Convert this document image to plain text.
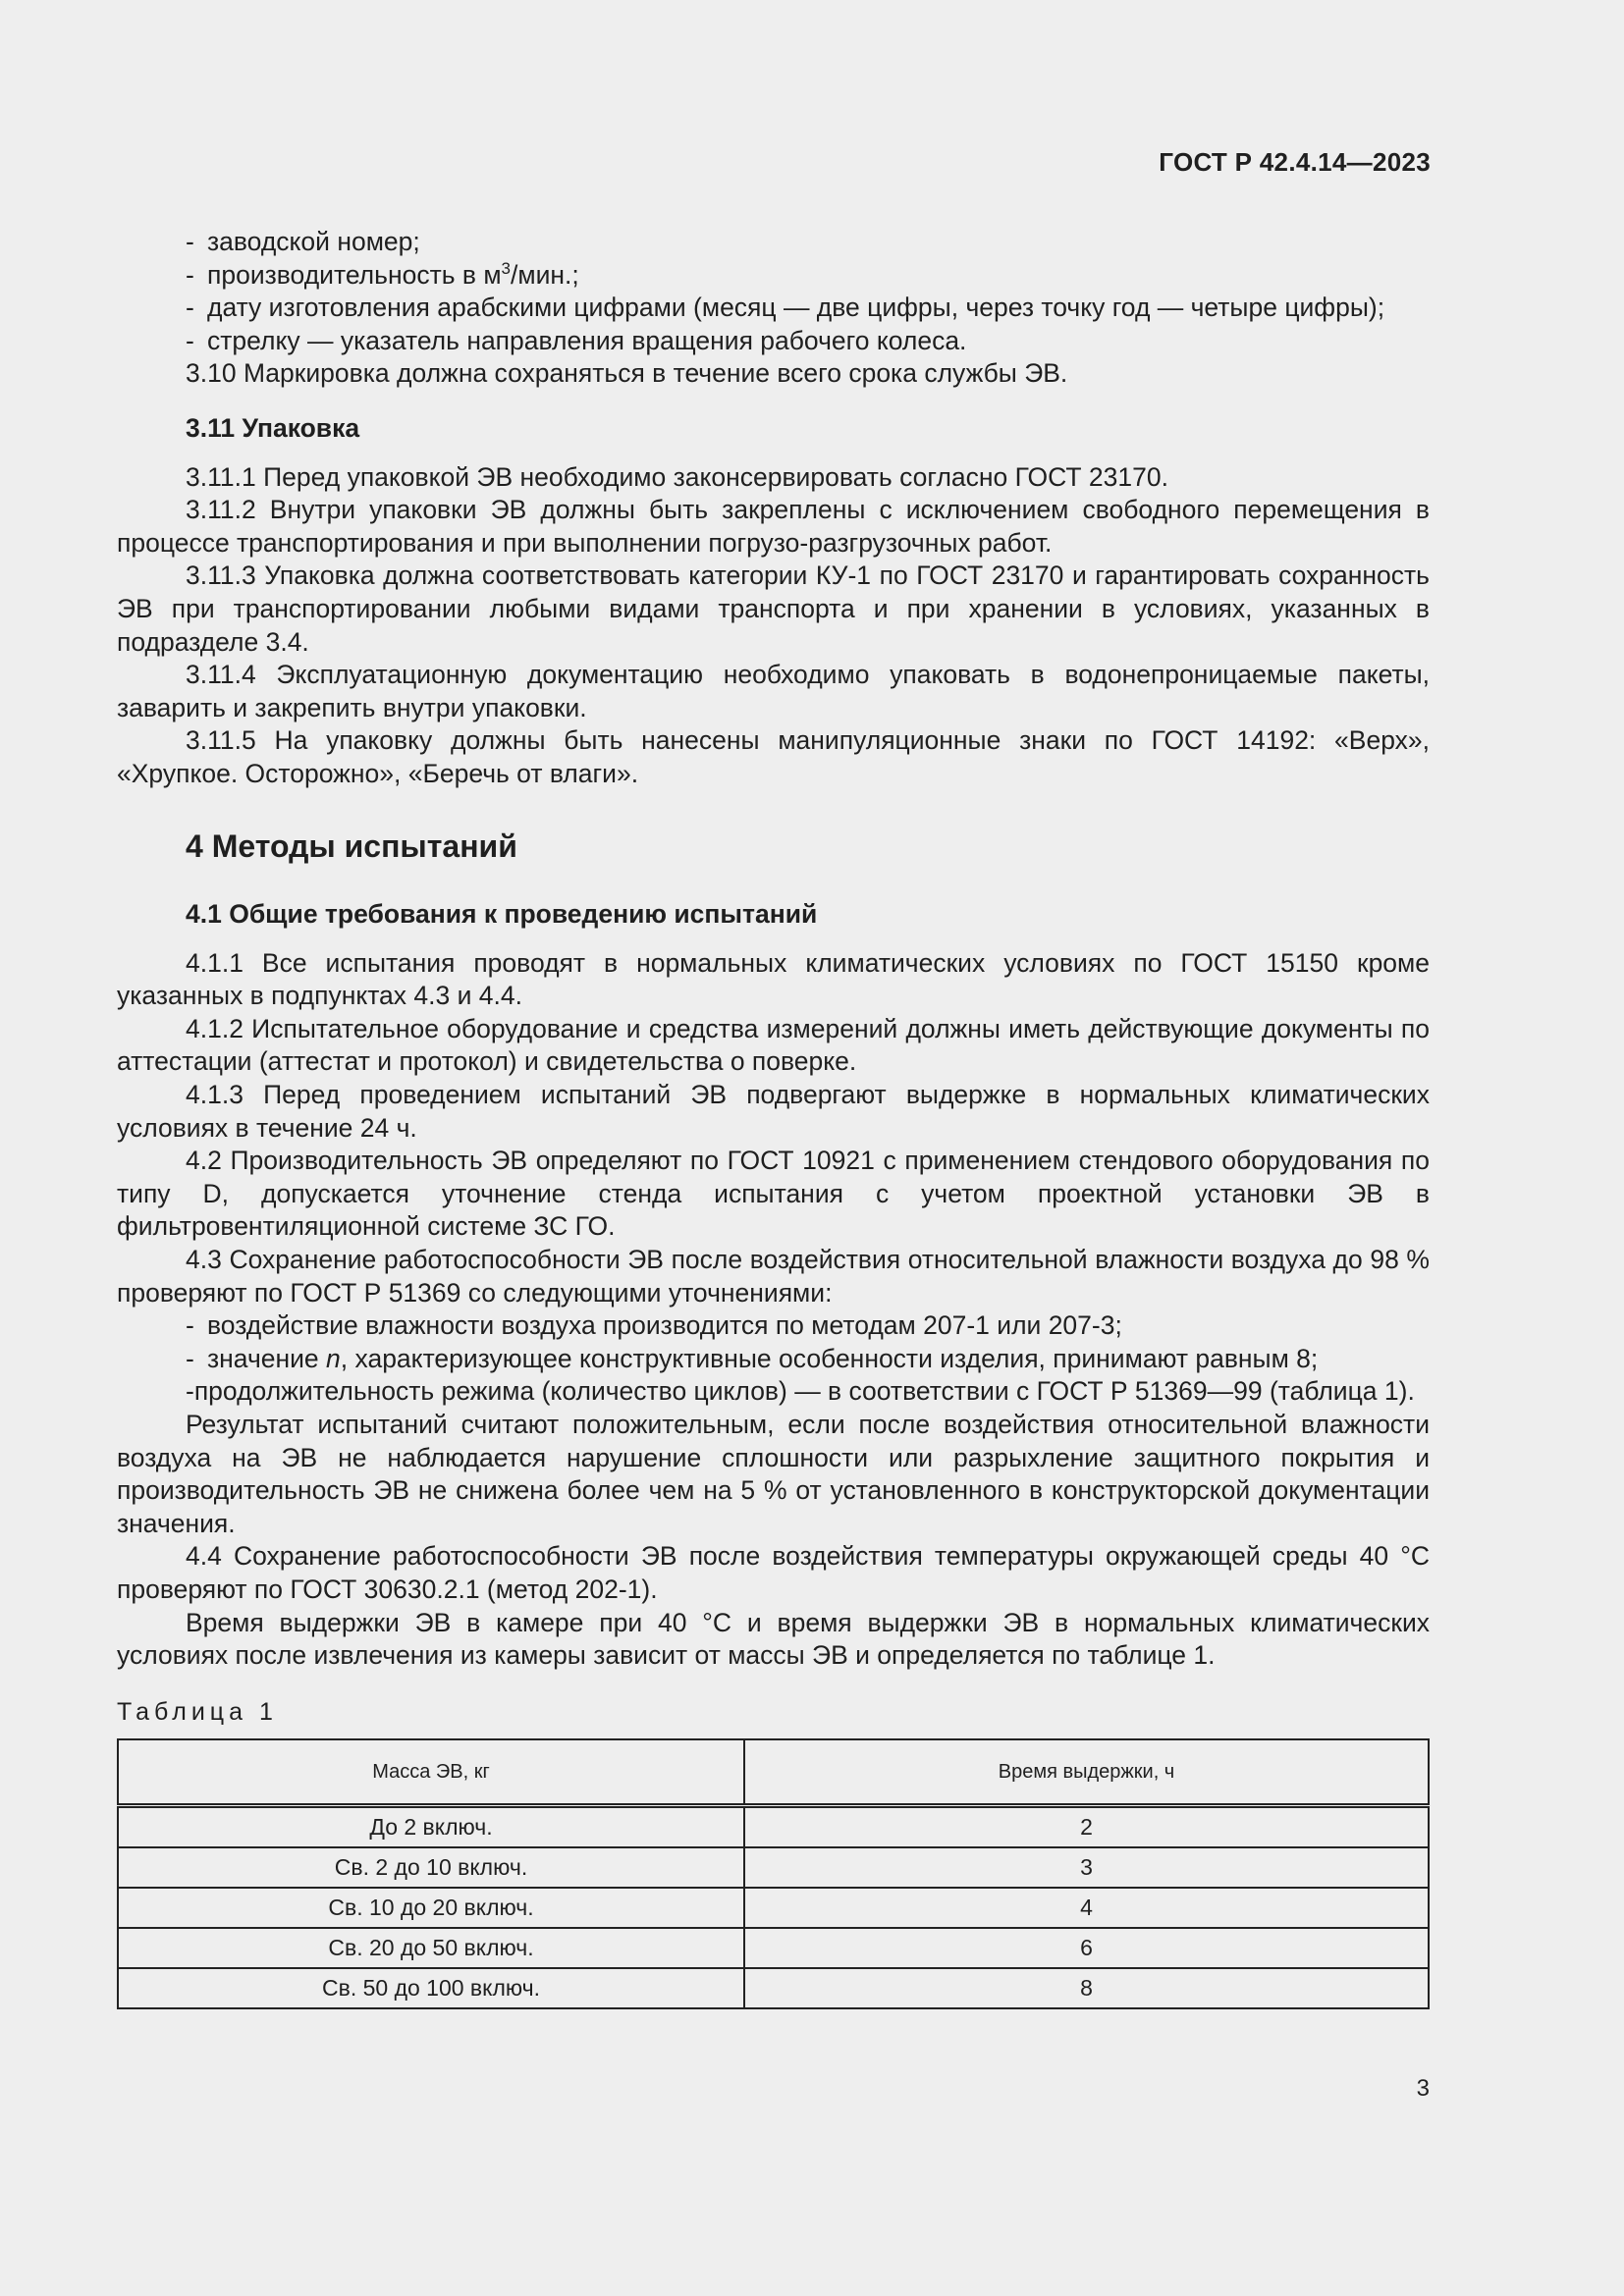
ГОСТ Р 42.4.14—2023

- заводской номер;

- производительность в $м^3$/мин.;

- дату изготовления арабскими цифрами (месяц — две цифры, через точку год — четыре цифры);

- стрелку — указатель направления вращения рабочего колеса.

3.10 Маркировка должна сохраняться в течение всего срока службы ЭВ.

3.11 Упаковка

3.11.1 Перед упаковкой ЭВ необходимо законсервировать согласно ГОСТ 23170.

3.11.2 Внутри упаковки ЭВ должны быть закреплены с исключением свободного перемещения в процессе транспортирования и при выполнении погрузо-разгрузочных работ.

3.11.3 Упаковка должна соответствовать категории КУ-1 по ГОСТ 23170 и гарантировать сохранность ЭВ при транспортировании любыми видами транспорта и при хранении в условиях, указанных в подразделе 3.4.

3.11.4 Эксплуатационную документацию необходимо упаковать в водонепроницаемые пакеты, заварить и закрепить внутри упаковки.

3.11.5 На упаковку должны быть нанесены манипуляционные знаки по ГОСТ 14192: «Верх», «Хрупкое. Осторожно», «Беречь от влаги».

4 Методы испытаний
4.1 Общие требования к проведению испытаний

4.1.1 Все испытания проводят в нормальных климатических условиях по ГОСТ 15150 кроме указанных в подпунктах 4.3 и 4.4.

4.1.2 Испытательное оборудование и средства измерений должны иметь действующие документы по аттестации (аттестат и протокол) и свидетельства о поверке.

4.1.3 Перед проведением испытаний ЭВ подвергают выдержке в нормальных климатических условиях в течение 24 ч.

4.2 Производительность ЭВ определяют по ГОСТ 10921 с применением стендового оборудования по типу D, допускается уточнение стенда испытания с учетом проектной установки ЭВ в фильтровентиляционной системе ЗС ГО.

4.3 Сохранение работоспособности ЭВ после воздействия относительной влажности воздуха до 98 % проверяют по ГОСТ Р 51369 со следующими уточнениями:

- воздействие влажности воздуха производится по методам 207-1 или 207-3;

- значение n, характеризующее конструктивные особенности изделия, принимают равным 8;

-продолжительность режима (количество циклов) — в соответствии с ГОСТ Р 51369—99 (таблица 1).

Результат испытаний считают положительным, если после воздействия относительной влажности воздуха на ЭВ не наблюдается нарушение сплошности или разрыхление защитного покрытия и производительность ЭВ не снижена более чем на 5 % от установленного в конструкторской документации значения.

4.4 Сохранение работоспособности ЭВ после воздействия температуры окружающей среды 40 °С проверяют по ГОСТ 30630.2.1 (метод 202-1).

Время выдержки ЭВ в камере при 40 °С и время выдержки ЭВ в нормальных климатических условиях после извлечения из камеры зависит от массы ЭВ и определяется по таблице 1.

Таблица 1
Масса ЭВ, кг	Время выдержки, ч
До 2 включ.	2
Св. 2 до 10 включ.	3
Св. 10 до 20 включ.	4
Св. 20 до 50 включ.	6
Св. 50 до 100 включ.	8
3
